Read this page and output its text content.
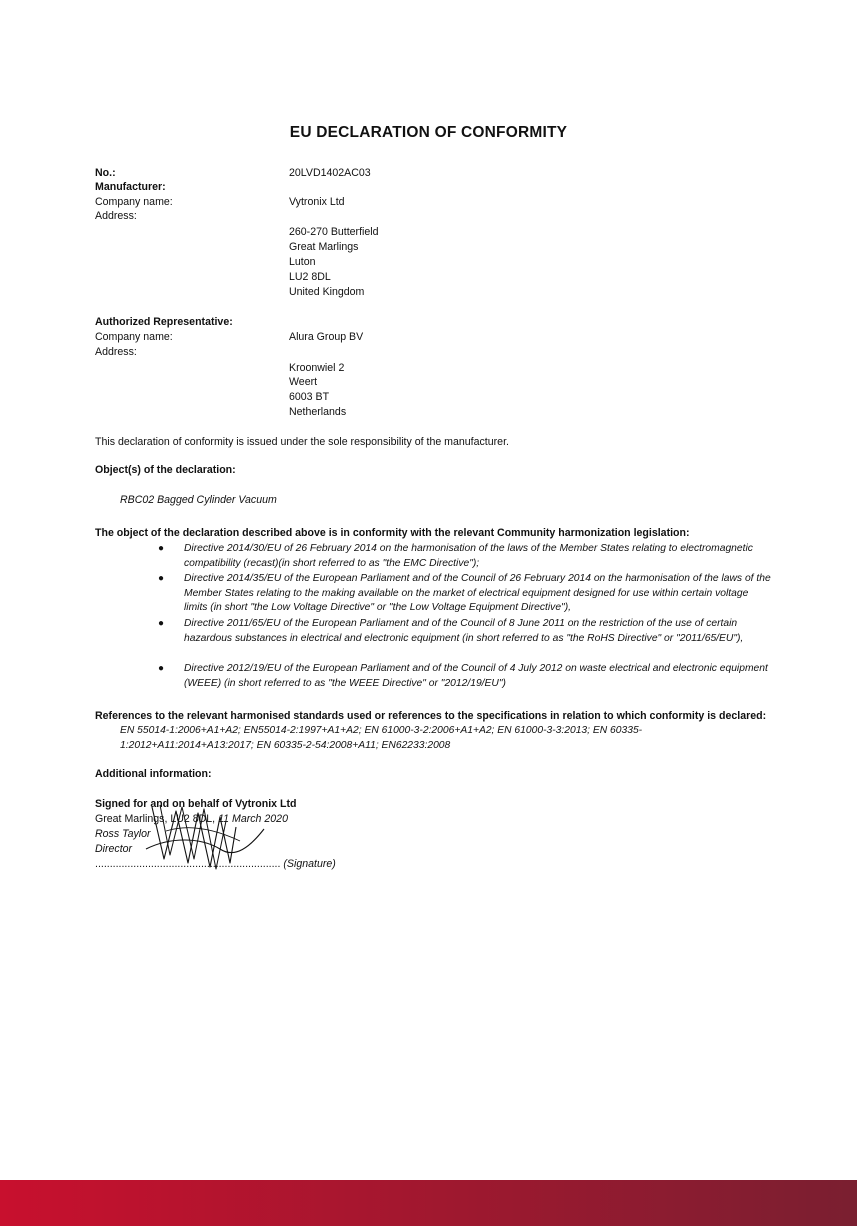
EU DECLARATION OF CONFORMITY
No.:	20LVD1402AC03
Manufacturer:
Company name:	Vytronix Ltd
Address:
260-270 Butterfield
Great Marlings
Luton
LU2 8DL
United Kingdom
Authorized Representative:
Company name:	Alura Group BV
Address:
Kroonwiel 2
Weert
6003 BT
Netherlands
This declaration of conformity is issued under the sole responsibility of the manufacturer.
Object(s) of the declaration:
RBC02 Bagged Cylinder Vacuum
The object of the declaration described above is in conformity with the relevant Community harmonization legislation:
● Directive 2014/30/EU of 26 February 2014 on the harmonisation of the laws of the Member States relating to electromagnetic compatibility (recast)(in short referred to as "the EMC Directive");
● Directive 2014/35/EU of the European Parliament and of the Council of 26 February 2014 on the harmonisation of the laws of the Member States relating to the making available on the market of electrical equipment designed for use within certain voltage limits (in short "the Low Voltage Directive" or "the Low Voltage Equipment Directive"),
● Directive 2011/65/EU of the European Parliament and of the Council of 8 June 2011 on the restriction of the use of certain hazardous substances in electrical and electronic equipment (in short referred to as "the RoHS Directive" or "2011/65/EU"),
● Directive 2012/19/EU of the European Parliament and of the Council of 4 July 2012 on waste electrical and electronic equipment (WEEE) (in short referred to as "the WEEE Directive" or "2012/19/EU")
References to the relevant harmonised standards used or references to the specifications in relation to which conformity is declared:
EN 55014-1:2006+A1+A2; EN55014-2:1997+A1+A2; EN 61000-3-2:2006+A1+A2; EN 61000-3-3:2013; EN 60335-1:2012+A11:2014+A13:2017; EN 60335-2-54:2008+A11; EN62233:2008
Additional information:
Signed for and on behalf of Vytronix Ltd
Great Marlings, LU2 8DL, 11 March 2020
Ross Taylor
Director
............................................................... (Signature)
